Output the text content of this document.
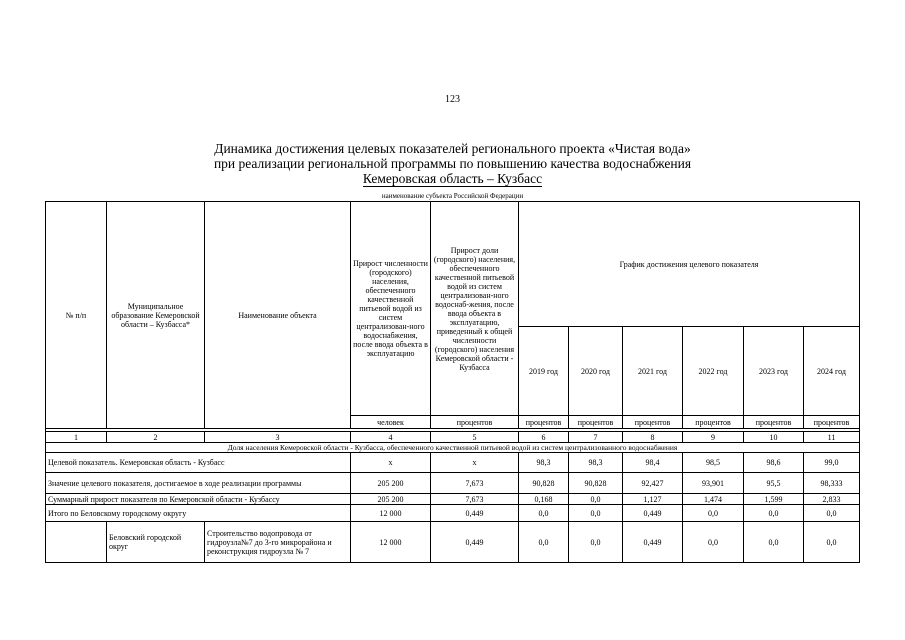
123
Динамика достижения целевых показателей регионального проекта «Чистая вода»
при реализации региональной программы по повышению качества водоснабжения
Кемеровская область – Кузбасс
наименование субъекта Российской Федерации
№ п/п	Муниципальное образование Кемеровской области – Кузбасса*	Наименование объекта	Прирост численности (городского) населения, обеспеченного качественной питьевой водой из систем централизован-ного водоснабжения, после ввода объекта в эксплуатацию	Прирост доли (городского) населения, обеспеченного качественной питьевой водой из систем централизован-ного водоснаб-жения, после ввода объекта в эксплуатацию, приведенный к общей численности (городского) населения Кемеровской области - Кузбасса	График достижения целевого показателя					
					2019 год	2020 год	2021 год	2022 год	2023 год	2024 год
			человек	процентов	процентов	процентов	процентов	процентов	процентов	процентов

1	2	3	4	5	6	7	8	9	10	11
Доля населения Кемеровской области - Кузбасса, обеспеченного качественной питьевой водой из систем централизованного водоснабжения										
Целевой показатель. Кемеровская область - Кузбасс			x	x	98,3	98,3	98,4	98,5	98,6	99,0
Значение целевого показателя, достигаемое в ходе реализации программы			205 200	7,673	90,828	90,828	92,427	93,901	95,5	98,333
Суммарный прирост показателя по Кемеровской области - Кузбассу			205 200	7,673	0,168	0,0	1,127	1,474	1,599	2,833
Итого по Беловскому городскому округу			12 000	0,449	0,0	0,0	0,449	0,0	0,0	0,0
	Беловский городской округ	Строительство водопровода от гидроузла№7 до 3-го микрорайона и реконструкция гидроузла № 7	12 000	0,449	0,0	0,0	0,449	0,0	0,0	0,0
